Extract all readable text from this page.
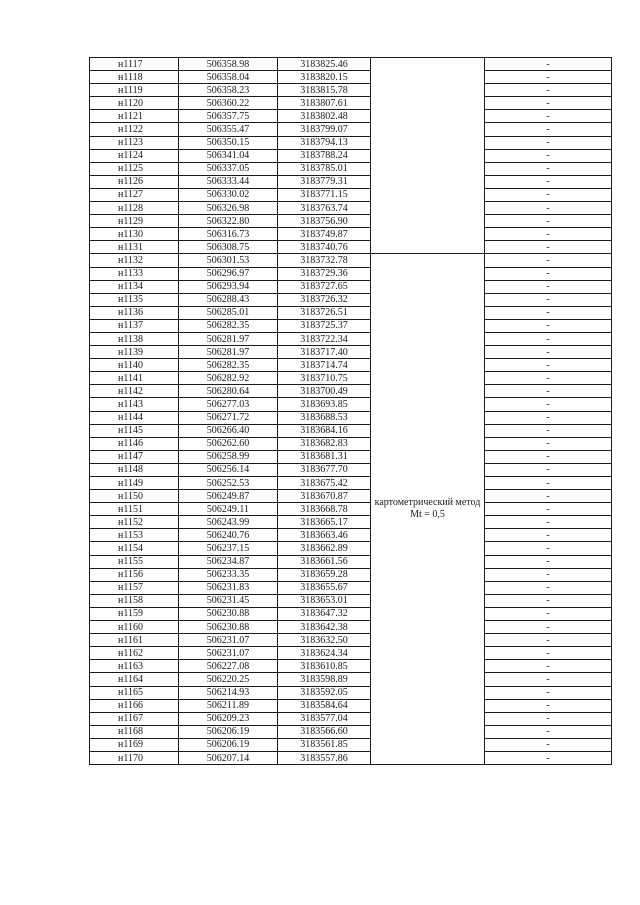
н1117	506358.98	3183825.46		-
н1118	506358.04	3183820.15		-
н1119	506358.23	3183815.78		-
н1120	506360.22	3183807.61		-
н1121	506357.75	3183802.48		-
н1122	506355.47	3183799.07		-
н1123	506350.15	3183794.13		-
н1124	506341.04	3183788.24		-
н1125	506337.05	3183785.01		-
н1126	506333.44	3183779.31		-
н1127	506330.02	3183771.15		-
н1128	506326.98	3183763.74		-
н1129	506322.80	3183756.90		-
н1130	506316.73	3183749.87		-
н1131	506308.75	3183740.76		-
н1132	506301.53	3183732.78	картометрический метод Mt = 0,5	-
н1133	506296.97	3183729.36		-
н1134	506293.94	3183727.65		-
н1135	506288.43	3183726.32		-
н1136	506285.01	3183726.51		-
н1137	506282.35	3183725.37		-
н1138	506281.97	3183722.34		-
н1139	506281.97	3183717.40		-
н1140	506282.35	3183714.74		-
н1141	506282.92	3183710.75		-
н1142	506280.64	3183700.49		-
н1143	506277.03	3183693.85		-
н1144	506271.72	3183688.53		-
н1145	506266.40	3183684.16		-
н1146	506262.60	3183682.83		-
н1147	506258.99	3183681.31		-
н1148	506256.14	3183677.70		-
н1149	506252.53	3183675.42		-
н1150	506249.87	3183670.87		-
н1151	506249.11	3183668.78		-
н1152	506243.99	3183665.17		-
н1153	506240.76	3183663.46		-
н1154	506237.15	3183662.89		-
н1155	506234.87	3183661.56		-
н1156	506233.35	3183659.28		-
н1157	506231.83	3183655.67		-
н1158	506231.45	3183653.01		-
н1159	506230.88	3183647.32		-
н1160	506230.88	3183642.38		-
н1161	506231.07	3183632.50		-
н1162	506231.07	3183624.34		-
н1163	506227.08	3183610.85		-
н1164	506220.25	3183598.89		-
н1165	506214.93	3183592.05		-
н1166	506211.89	3183584.64		-
н1167	506209.23	3183577.04		-
н1168	506206.19	3183566.60		-
н1169	506206.19	3183561.85		-
н1170	506207.14	3183557.86		-
